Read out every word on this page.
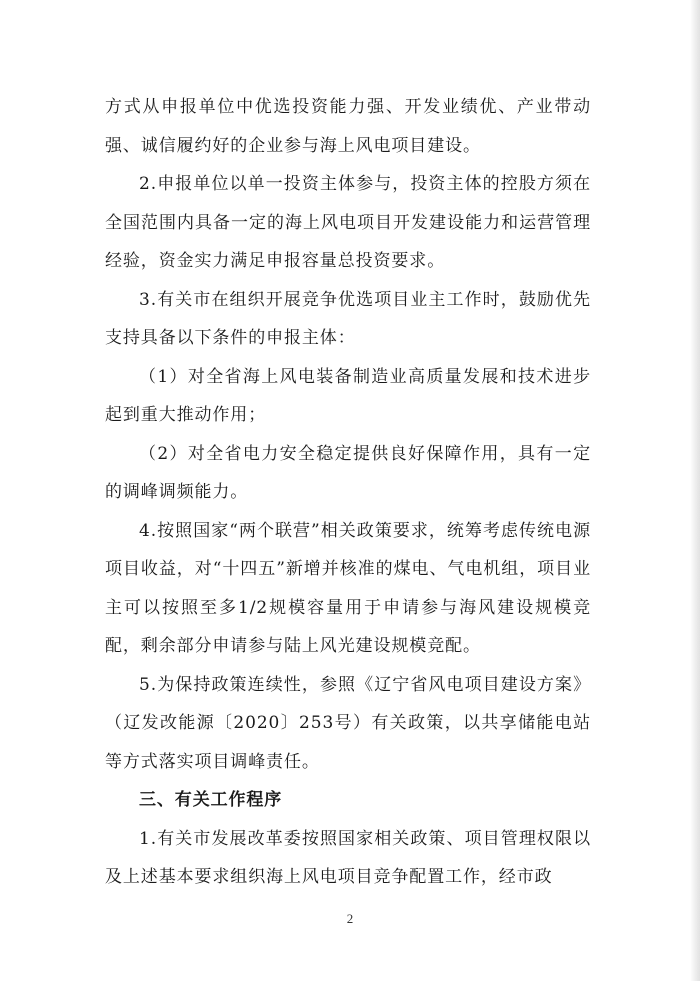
方式从申报单位中优选投资能力强、开发业绩优、产业带动强、诚信履约好的企业参与海上风电项目建设。

2.申报单位以单一投资主体参与，投资主体的控股方须在全国范围内具备一定的海上风电项目开发建设能力和运营管理经验，资金实力满足申报容量总投资要求。

3.有关市在组织开展竞争优选项目业主工作时，鼓励优先支持具备以下条件的申报主体：

（1）对全省海上风电装备制造业高质量发展和技术进步起到重大推动作用；

（2）对全省电力安全稳定提供良好保障作用，具有一定的调峰调频能力。

4.按照国家“两个联营”相关政策要求，统筹考虑传统电源项目收益，对“十四五”新增并核准的煤电、气电机组，项目业主可以按照至多1/2规模容量用于申请参与海风建设规模竞配，剩余部分申请参与陆上风光建设规模竞配。

5.为保持政策连续性，参照《辽宁省风电项目建设方案》（辽发改能源〔2020〕253号）有关政策，以共享储能电站等方式落实项目调峰责任。

三、有关工作程序

1.有关市发展改革委按照国家相关政策、项目管理权限以及上述基本要求组织海上风电项目竞争配置工作，经市政

2
